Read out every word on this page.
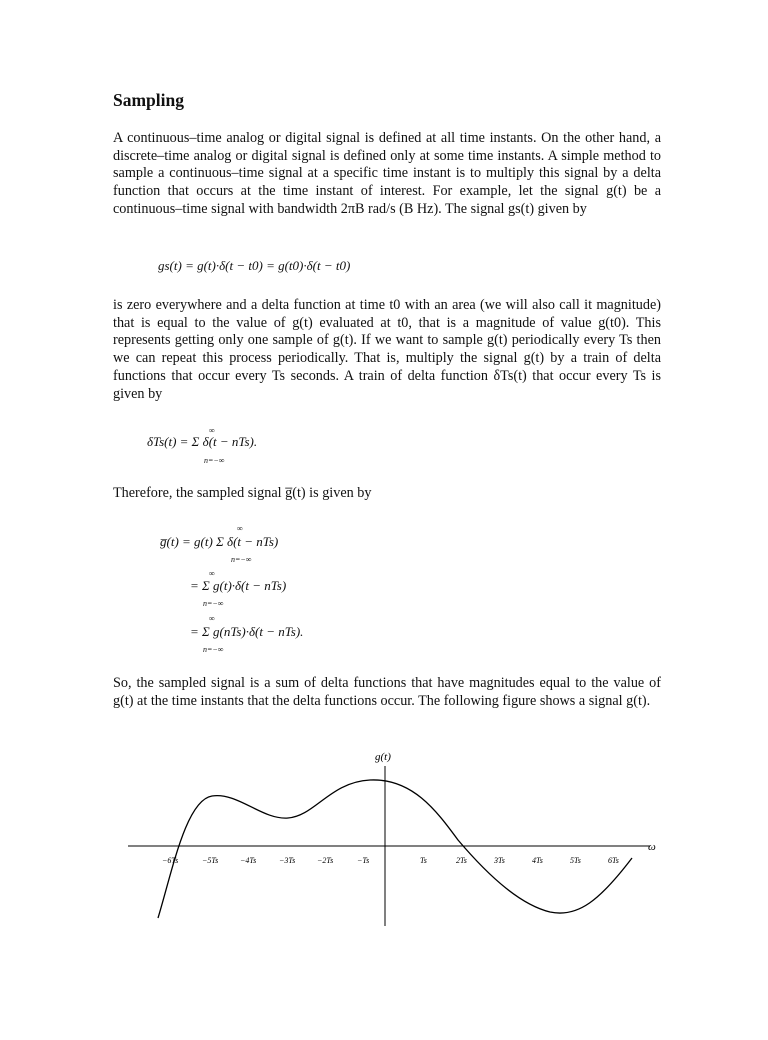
Sampling

A continuous–time analog or digital signal is defined at all time instants. On the other hand, a discrete–time analog or digital signal is defined only at some time instants. A simple method to sample a continuous–time signal at a specific time instant is to multiply this signal by a delta function that occurs at the time instant of interest. For example, let the signal g(t) be a continuous–time signal with bandwidth 2πB rad/s (B Hz). The signal gs(t) given by

gs(t) = g(t)·δ(t − t0) = g(t0)·δ(t − t0)

is zero everywhere and a delta function at time t0 with an area (we will also call it magnitude) that is equal to the value of g(t) evaluated at t0, that is a magnitude of value g(t0). This represents getting only one sample of g(t). If we want to sample g(t) periodically every Ts then we can repeat this process periodically. That is, multiply the signal g(t) by a train of delta functions that occur every Ts seconds. A train of delta function δTs(t) that occur every Ts is given by

∞
δTs(t) = Σ δ(t − nTs).
n=−∞

Therefore, the sampled signal g̅(t) is given by

∞
g̅(t) = g(t) Σ δ(t − nTs)
n=−∞
∞
= Σ g(t)·δ(t − nTs)
n=−∞
∞
= Σ g(nTs)·δ(t − nTs).
n=−∞

So, the sampled signal is a sum of delta functions that have magnitudes equal to the value of g(t) at the time instants that the delta functions occur. The following figure shows a signal g(t).

g(t)
ω
−6Ts	−5Ts	−4Ts	−3Ts	−2Ts	−Ts	Ts	2Ts	3Ts	4Ts	5Ts	6Ts
